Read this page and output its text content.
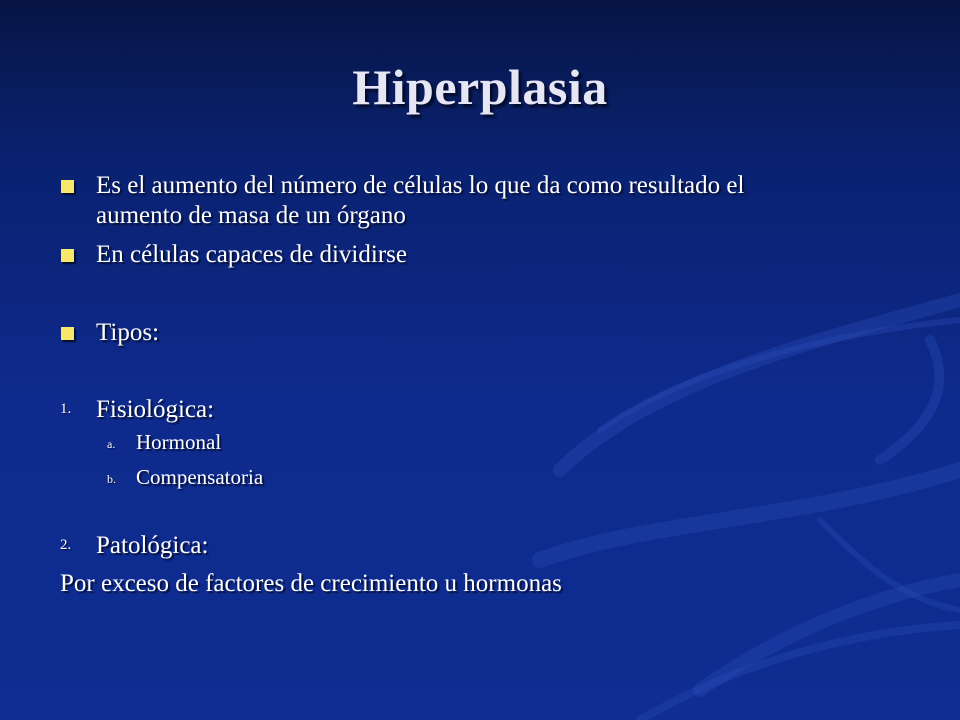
Hiperplasia
Es el aumento del número de células lo que da como resultado el
aumento de masa de un órgano
En células capaces de dividirse
Tipos:
1. Fisiológica:
a. Hormonal
b. Compensatoria
2. Patológica:
Por exceso de factores de crecimiento u hormonas
